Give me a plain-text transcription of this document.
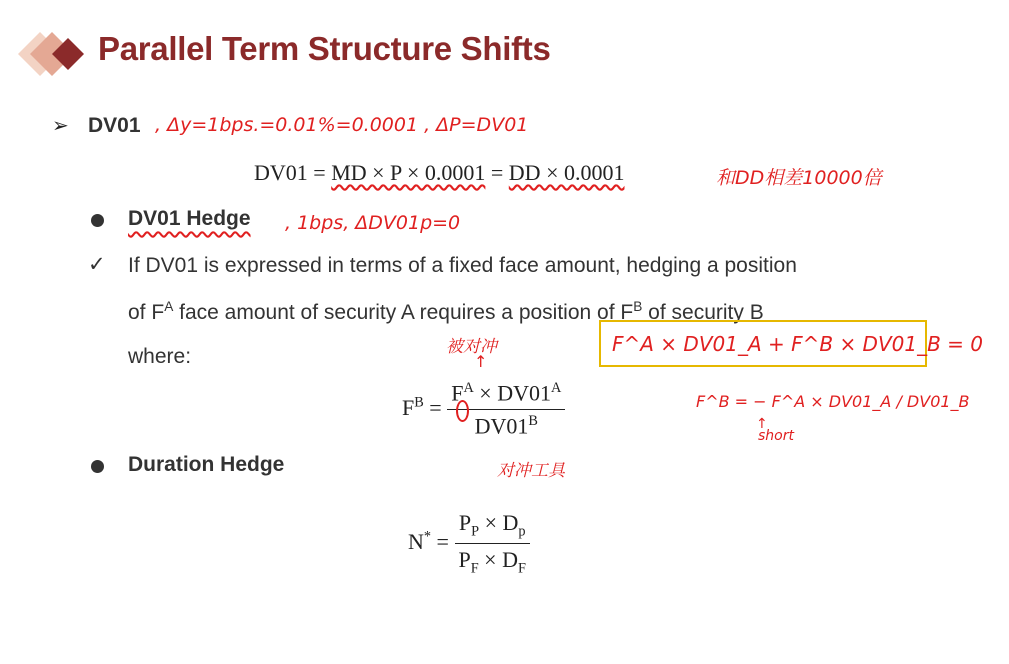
Parallel Term Structure Shifts
➢ DV01 , Δy=1bps.=0.01%=0.0001 , ΔP=DV01
DV01 = MD × P × 0.0001 = DD × 0.0001	和DD相差10000倍
DV01 Hedge , 1bps, ΔDV01p=0
✓ If DV01 is expressed in terms of a fixed face amount, hedging a position
of $F^A$ face amount of security A requires a position of $F^B$ of security B
where:	被对冲
↑
F^A × DV01_A + F^B × DV01_B = 0
$F^B = \frac{F^A \times DV01^A}{DV01^B}$	F^B = − F^A × DV01_A / DV01_B
↑
short
对冲工具
Duration Hedge
$N^* = \frac{P_P \times D_p}{P_F \times D_F}$
